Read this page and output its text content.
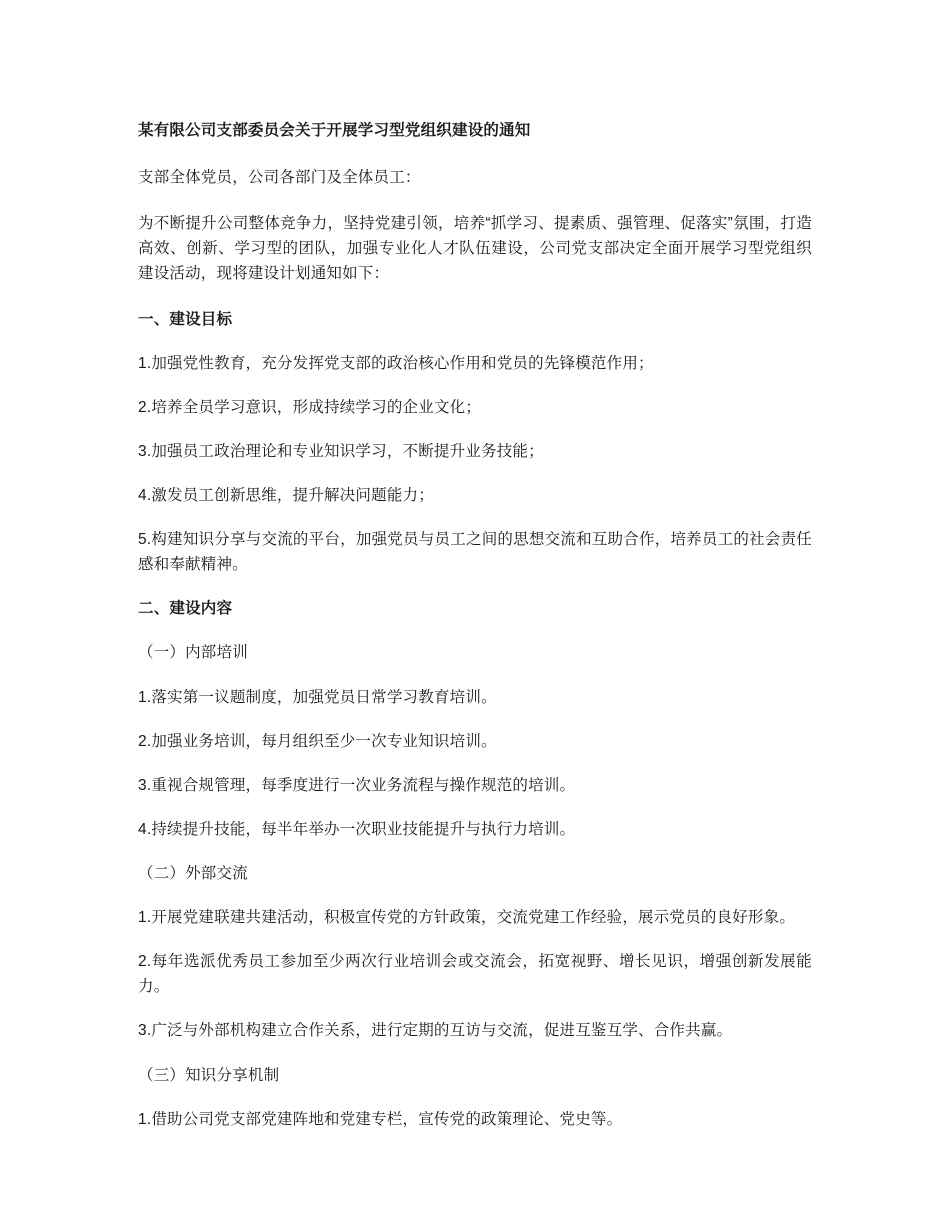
某有限公司支部委员会关于开展学习型党组织建设的通知

支部全体党员，公司各部门及全体员工：

为不断提升公司整体竞争力，坚持党建引领，培养“抓学习、提素质、强管理、促落实”氛围，打造高效、创新、学习型的团队，加强专业化人才队伍建设，公司党支部决定全面开展学习型党组织建设活动，现将建设计划通知如下：

一、建设目标

1.加强党性教育，充分发挥党支部的政治核心作用和党员的先锋模范作用；

2.培养全员学习意识，形成持续学习的企业文化；

3.加强员工政治理论和专业知识学习，不断提升业务技能；

4.激发员工创新思维，提升解决问题能力；

5.构建知识分享与交流的平台，加强党员与员工之间的思想交流和互助合作，培养员工的社会责任感和奉献精神。

二、建设内容

（一）内部培训

1.落实第一议题制度，加强党员日常学习教育培训。

2.加强业务培训，每月组织至少一次专业知识培训。

3.重视合规管理，每季度进行一次业务流程与操作规范的培训。

4.持续提升技能，每半年举办一次职业技能提升与执行力培训。

（二）外部交流

1.开展党建联建共建活动，积极宣传党的方针政策，交流党建工作经验，展示党员的良好形象。

2.每年选派优秀员工参加至少两次行业培训会或交流会，拓宽视野、增长见识，增强创新发展能力。

3.广泛与外部机构建立合作关系，进行定期的互访与交流，促进互鉴互学、合作共赢。

（三）知识分享机制

1.借助公司党支部党建阵地和党建专栏，宣传党的政策理论、党史等。
